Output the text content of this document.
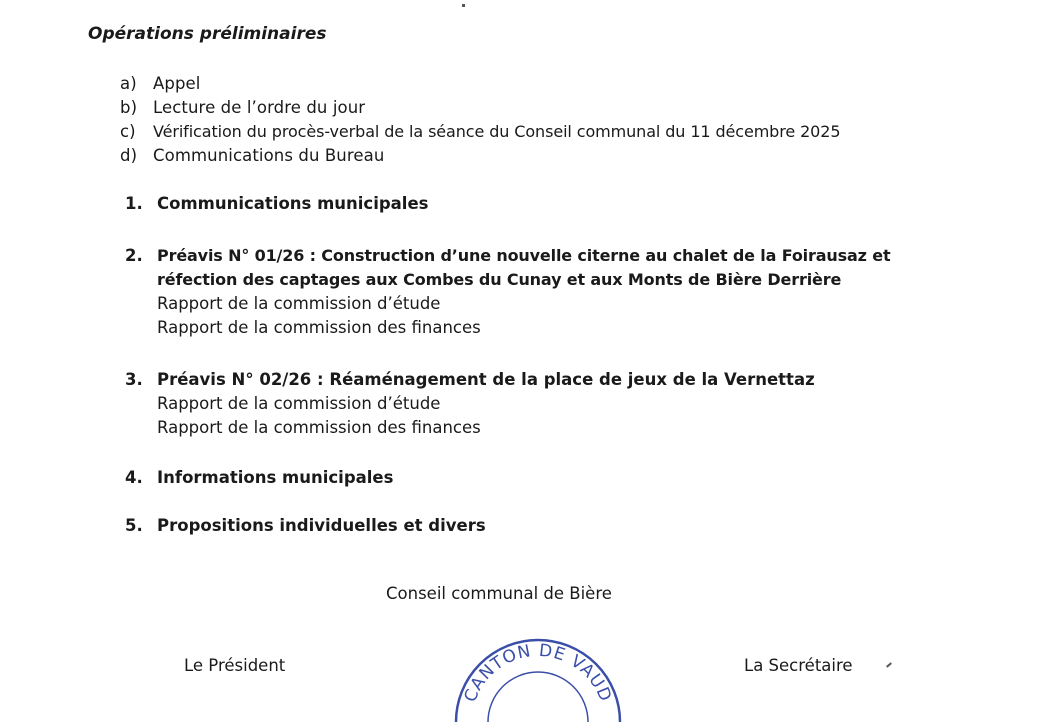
Opérations préliminaires

a) Appel
b) Lecture de l’ordre du jour
c) Vérification du procès-verbal de la séance du Conseil communal du 11 décembre 2025
d) Communications du Bureau
1. Communications municipales

2. Préavis N° 01/26 : Construction d’une nouvelle citerne au chalet de la Foirausaz et

réfection des captages aux Combes du Cunay et aux Monts de Bière Derrière

Rapport de la commission d’étude

Rapport de la commission des finances

3. Préavis N° 02/26 : Réaménagement de la place de jeux de la Vernettaz

Rapport de la commission d’étude

Rapport de la commission des finances

4. Informations municipales

5. Propositions individuelles et divers

Conseil communal de Bière
Le Président	La Secrétaire
CANTON DE VAUD
